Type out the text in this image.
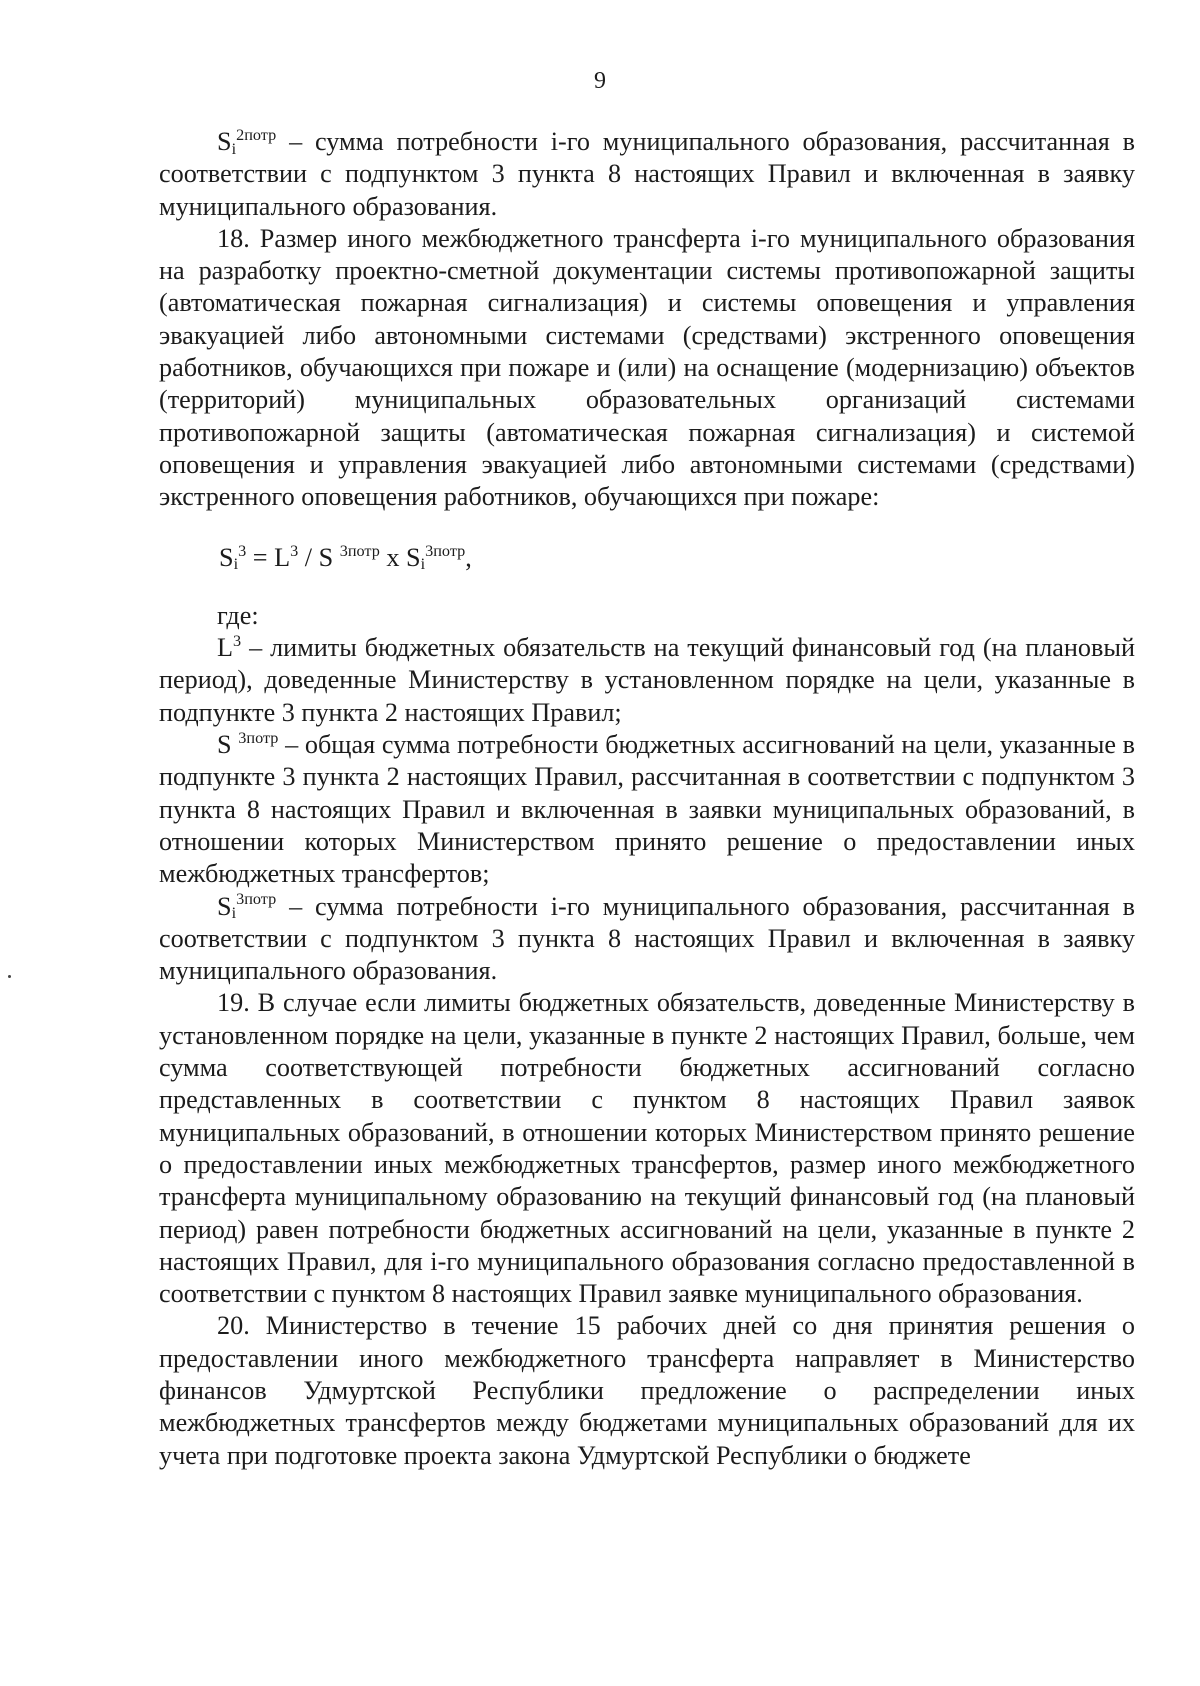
9

$S_i^{2потр}$ – сумма потребности i-го муниципального образования, рассчитанная в соответствии с подпунктом 3 пункта 8 настоящих Правил и включенная в заявку муниципального образования.

18. Размер иного межбюджетного трансферта i-го муниципального образования на разработку проектно-сметной документации системы противопожарной защиты (автоматическая пожарная сигнализация) и системы оповещения и управления эвакуацией либо автономными системами (средствами) экстренного оповещения работников, обучающихся при пожаре и (или) на оснащение (модернизацию) объектов (территорий) муниципальных образовательных организаций системами противопожарной защиты (автоматическая пожарная сигнализация) и системой оповещения и управления эвакуацией либо автономными системами (средствами) экстренного оповещения работников, обучающихся при пожаре:

$S_i^3 = L^3 / S$ $^{3потр}$ x $S_i^{3потр}$,

где:

$L^3$ – лимиты бюджетных обязательств на текущий финансовый год (на плановый период), доведенные Министерству в установленном порядке на цели, указанные в подпункте 3 пункта 2 настоящих Правил;

S $^{3потр}$ – общая сумма потребности бюджетных ассигнований на цели, указанные в подпункте 3 пункта 2 настоящих Правил, рассчитанная в соответствии с подпунктом 3 пункта 8 настоящих Правил и включенная в заявки муниципальных образований, в отношении которых Министерством принято решение о предоставлении иных межбюджетных трансфертов;

$S_i^{3потр}$ – сумма потребности i-го муниципального образования, рассчитанная в соответствии с подпунктом 3 пункта 8 настоящих Правил и включенная в заявку муниципального образования.

19. В случае если лимиты бюджетных обязательств, доведенные Министерству в установленном порядке на цели, указанные в пункте 2 настоящих Правил, больше, чем сумма соответствующей потребности бюджетных ассигнований согласно представленных в соответствии с пунктом 8 настоящих Правил заявок муниципальных образований, в отношении которых Министерством принято решение о предоставлении иных межбюджетных трансфертов, размер иного межбюджетного трансферта муниципальному образованию на текущий финансовый год (на плановый период) равен потребности бюджетных ассигнований на цели, указанные в пункте 2 настоящих Правил, для i-го муниципального образования согласно предоставленной в соответствии с пунктом 8 настоящих Правил заявке муниципального образования.

20. Министерство в течение 15 рабочих дней со дня принятия решения о предоставлении иного межбюджетного трансферта направляет в Министерство финансов Удмуртской Республики предложение о распределении иных межбюджетных трансфертов между бюджетами муниципальных образований для их учета при подготовке проекта закона Удмуртской Республики о бюджете
